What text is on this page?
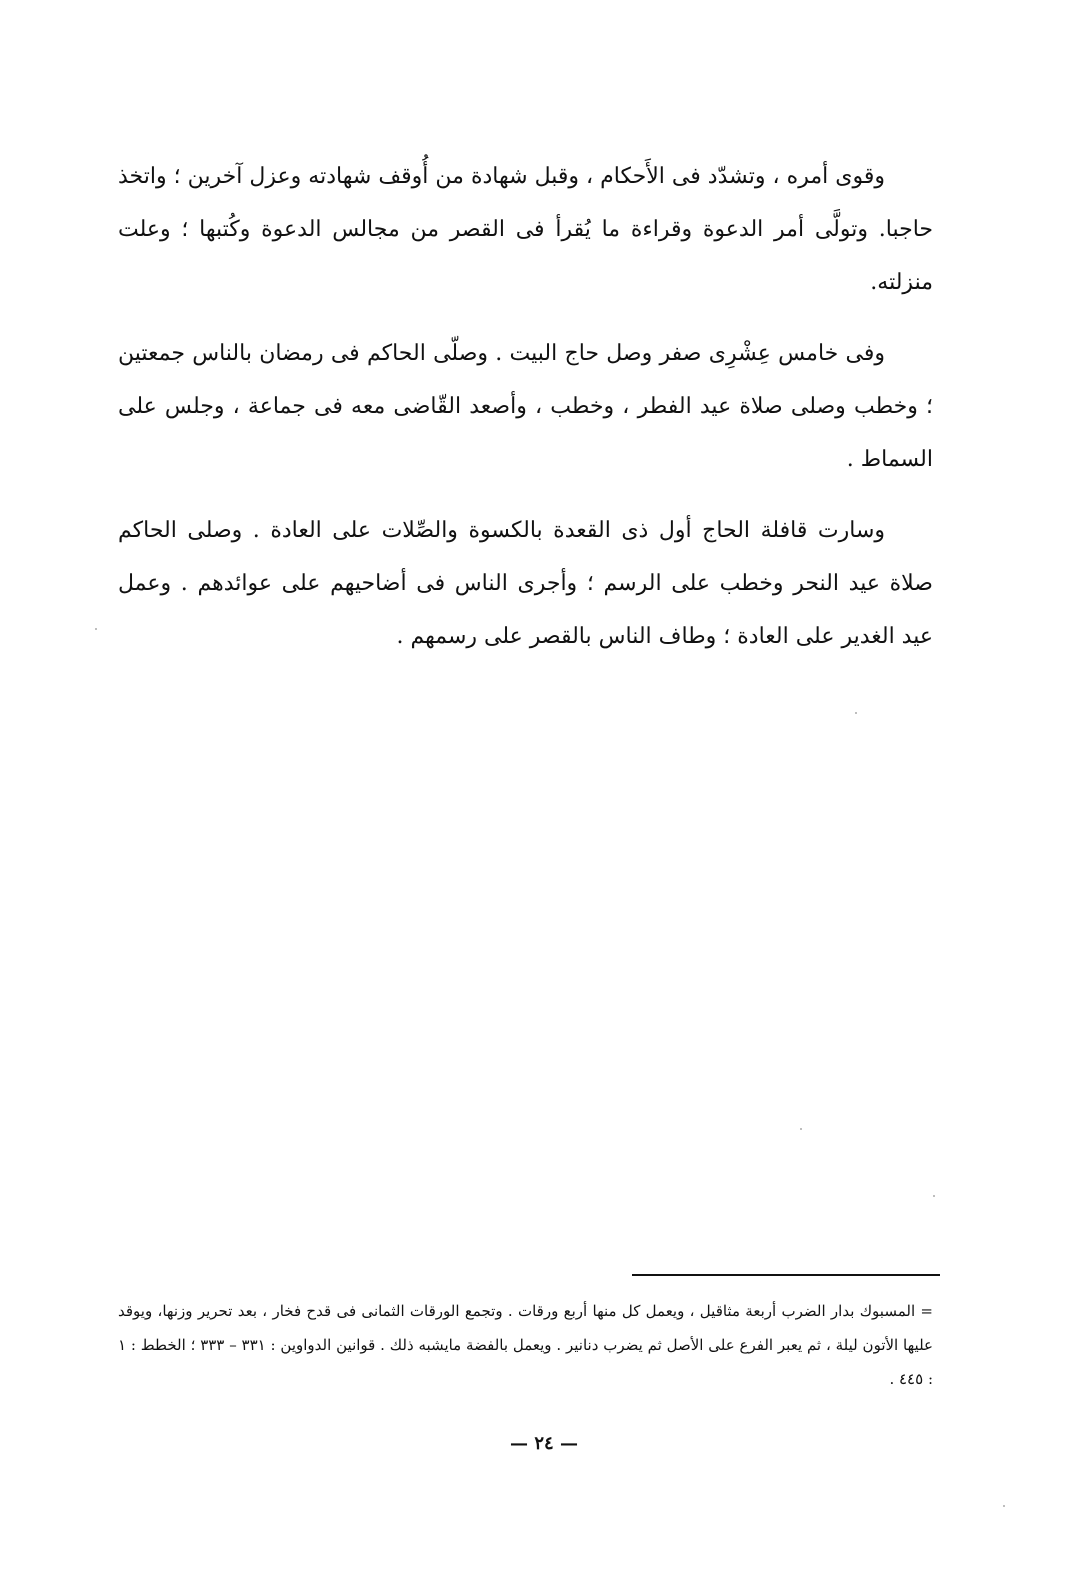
وقوى أمره ، وتشدّد فى الأَحكام ، وقبل شهادة من أُوقف شهادته وعزل آخرين ؛ واتخذ حاجبا. وتولَّى أمر الدعوة وقراءة ما يُقرأ فى القصر من مجالس الدعوة وكُتبها ؛ وعلت منزلته.

وفى خامس عِشْرِى صفر وصل حاج البيت . وصلّى الحاكم فى رمضان بالناس جمعتين ؛ وخطب وصلى صلاة عيد الفطر ، وخطب ، وأصعد القّاضى معه فى جماعة ، وجلس على السماط .

وسارت قافلة الحاج أول ذى القعدة بالكسوة والصِّلات على العادة . وصلى الحاكم صلاة عيد النحر وخطب على الرسم ؛ وأجرى الناس فى أضاحيهم على عوائدهم . وعمل عيد الغدير على العادة ؛ وطاف الناس بالقصر على رسمهم .

= المسبوك بدار الضرب أربعة مثاقيل ، ويعمل كل منها أربع ورقات . وتجمع الورقات الثمانى فى قدح فخار ، بعد تحرير وزنها، ويوقد عليها الأتون ليلة ، ثم يعبر الفرع على الأصل ثم يضرب دنانير . ويعمل بالفضة مايشبه ذلك . قوانين الدواوين : ٣٣١ – ٣٣٣ ؛ الخطط : ١ : ٤٤٥ .

— ٢٤ —
